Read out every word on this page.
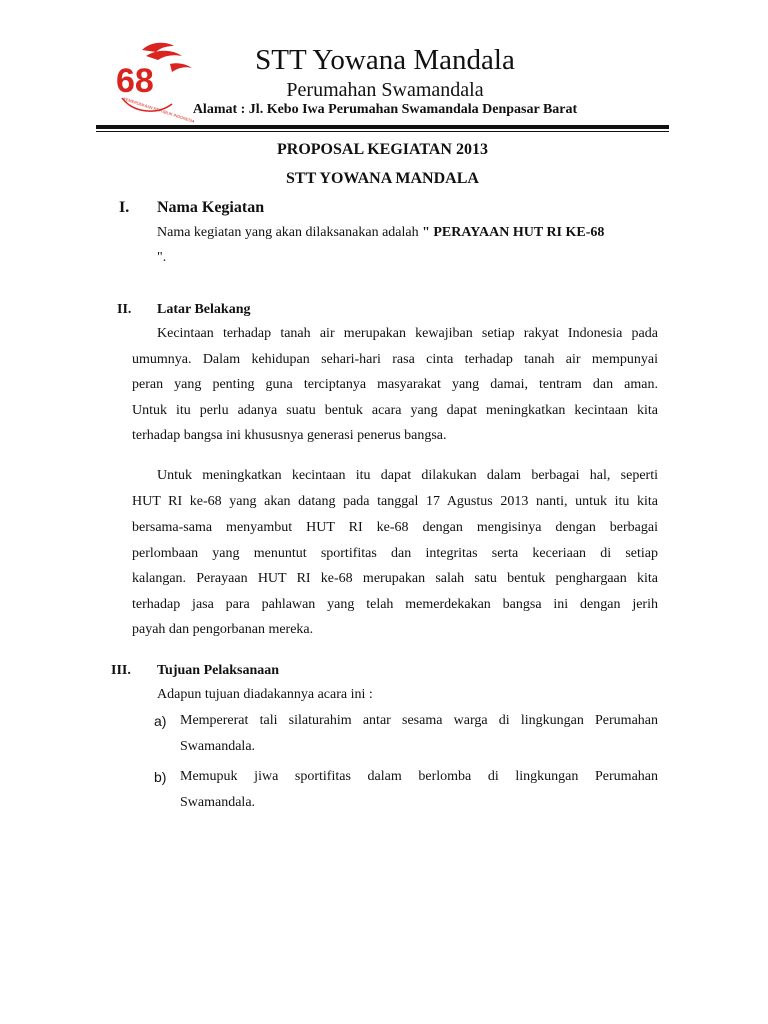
68
KEMERDEKAAN REPUBLIK INDONESIA
STT Yowana Mandala
Perumahan Swamandala
Alamat : Jl. Kebo Iwa Perumahan Swamandala Denpasar Barat
PROPOSAL KEGIATAN 2013
STT YOWANA MANDALA
I. Nama Kegiatan
Nama kegiatan yang akan dilaksanakan adalah " PERAYAAN HUT RI KE-68
".
II. Latar Belakang
Kecintaan terhadap tanah air merupakan kewajiban setiap rakyat Indonesia pada
umumnya. Dalam kehidupan sehari-hari rasa cinta terhadap tanah air mempunyai
peran yang penting guna terciptanya masyarakat yang damai, tentram dan aman.
Untuk itu perlu adanya suatu bentuk acara yang dapat meningkatkan kecintaan kita
terhadap bangsa ini khususnya generasi penerus bangsa.
Untuk meningkatkan kecintaan itu dapat dilakukan dalam berbagai hal, seperti
HUT RI ke-68 yang akan datang pada tanggal 17 Agustus 2013 nanti, untuk itu kita
bersama-sama menyambut HUT RI ke-68 dengan mengisinya dengan berbagai
perlombaan yang menuntut sportifitas dan integritas serta keceriaan di setiap
kalangan. Perayaan HUT RI ke-68 merupakan salah satu bentuk penghargaan kita
terhadap jasa para pahlawan yang telah memerdekakan bangsa ini dengan jerih
payah dan pengorbanan mereka.
III. Tujuan Pelaksanaan
Adapun tujuan diadakannya acara ini :
a) Mempererat tali silaturahim antar sesama warga di lingkungan Perumahan
Swamandala.
b) Memupuk jiwa sportifitas dalam berlomba di lingkungan Perumahan
Swamandala.
